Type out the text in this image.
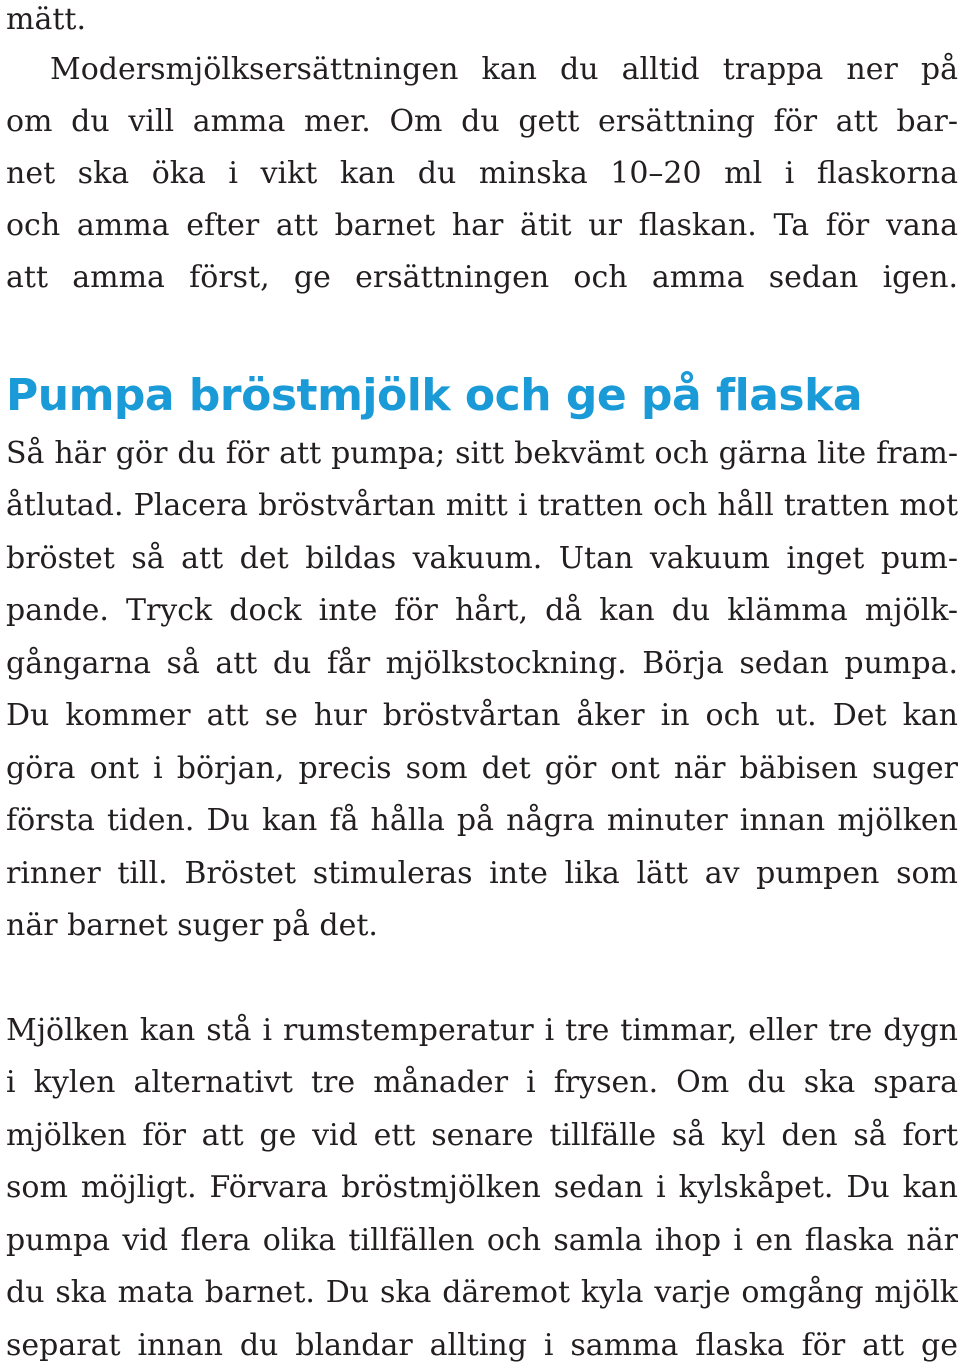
mätt.
Modersmjölksersättningen kan du alltid trappa ner på
om du vill amma mer. Om du gett ersättning för att bar-
net ska öka i vikt kan du minska 10–20 ml i flaskorna
och amma efter att barnet har ätit ur flaskan. Ta för vana
att amma först, ge ersättningen och amma sedan igen.
Pumpa bröstmjölk och ge på flaska
Så här gör du för att pumpa; sitt bekvämt och gärna lite fram-
åtlutad. Placera bröstvårtan mitt i tratten och håll tratten mot
bröstet så att det bildas vakuum. Utan vakuum inget pum-
pande. Tryck dock inte för hårt, då kan du klämma mjölk-
gångarna så att du får mjölkstockning. Börja sedan pumpa.
Du kommer att se hur bröstvårtan åker in och ut. Det kan
göra ont i början, precis som det gör ont när bäbisen suger
första tiden. Du kan få hålla på några minuter innan mjölken
rinner till. Bröstet stimuleras inte lika lätt av pumpen som
när barnet suger på det.
Mjölken kan stå i rumstemperatur i tre timmar, eller tre dygn
i kylen alternativt tre månader i frysen. Om du ska spara
mjölken för att ge vid ett senare tillfälle så kyl den så fort
som möjligt. Förvara bröstmjölken sedan i kylskåpet. Du kan
pumpa vid flera olika tillfällen och samla ihop i en flaska när
du ska mata barnet. Du ska däremot kyla varje omgång mjölk
separat innan du blandar allting i samma flaska för att ge
